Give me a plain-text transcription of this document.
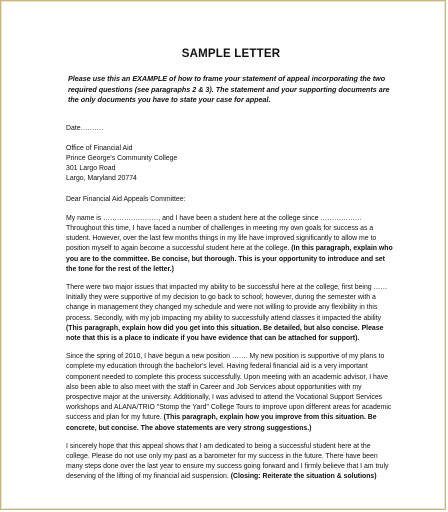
SAMPLE LETTER

Please use this an EXAMPLE of how to frame your statement of appeal incorporating the two required questions (see paragraphs 2 & 3). The statement and your supporting documents are the only documents you have to state your case for appeal.

Date……….

Office of Financial Aid
Prince George's Community College
301 Largo Road
Largo, Maryland 20774

Dear Financial Aid Appeals Committee:

My name is ……………………, and I have been a student here at the college since ……………… Throughout this time, I have faced a number of challenges in meeting my own goals for success as a student. However, over the last few months things in my life have improved significantly to allow me to position myself to again become a successful student here at the college. (In this paragraph, explain who you are to the committee. Be concise, but thorough. This is your opportunity to introduce and set the tone for the rest of the letter.)

There were two major issues that impacted my ability to be successful here at the college, first being …… Initially they were supportive of my decision to go back to school; however, during the semester with a change in management they changed my schedule and were not willing to provide any flexibility in this process. Secondly, with my job impacting my ability to successfully attend classes it impacted the ability (This paragraph, explain how did you get into this situation. Be detailed, but also concise. Please note that this is a place to indicate if you have evidence that can be attached for support).

Since the spring of 2010, I have begun a new position ……. My new position is supportive of my plans to complete my education through the bachelor's level. Having federal financial aid is a very important component needed to complete this process successfully. Upon meeting with an academic advisor, I have also been able to also meet with the staff in Career and Job Services about opportunities with my prospective major at the university. Additionally, I was advised to attend the Vocational Support Services workshops and ALANA/TRIO "Stomp the Yard" College Tours to improve upon different areas for academic success and plan for my future. (This paragraph, explain how you improve from this situation. Be concrete, but concise. The above statements are very strong suggestions.)

I sincerely hope that this appeal shows that I am dedicated to being a successful student here at the college. Please do not use only my past as a barometer for my success in the future. There have been many steps done over the last year to ensure my success going forward and I firmly believe that I am truly deserving of the lifting of my financial aid suspension. (Closing: Reiterate the situation & solutions)
